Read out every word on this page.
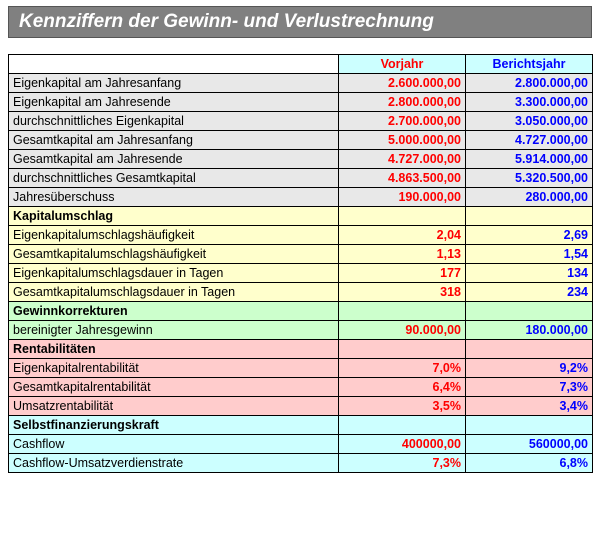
Kennziffern der Gewinn- und Verlustrechnung
	Vorjahr	Berichtsjahr
Eigenkapital am Jahresanfang	2.600.000,00	2.800.000,00
Eigenkapital am Jahresende	2.800.000,00	3.300.000,00
durchschnittliches Eigenkapital	2.700.000,00	3.050.000,00
Gesamtkapital am Jahresanfang	5.000.000,00	4.727.000,00
Gesamtkapital am Jahresende	4.727.000,00	5.914.000,00
durchschnittliches Gesamtkapital	4.863.500,00	5.320.500,00
Jahresüberschuss	190.000,00	280.000,00
Kapitalumschlag		
Eigenkapitalumschlagshäufigkeit	2,04	2,69
Gesamtkapitalumschlagshäufigkeit	1,13	1,54
Eigenkapitalumschlagsdauer in Tagen	177	134
Gesamtkapitalumschlagsdauer in Tagen	318	234
Gewinnkorrekturen		
bereinigter Jahresgewinn	90.000,00	180.000,00
Rentabilitäten		
Eigenkapitalrentabilität	7,0%	9,2%
Gesamtkapitalrentabilität	6,4%	7,3%
Umsatzrentabilität	3,5%	3,4%
Selbstfinanzierungskraft		
Cashflow	400000,00	560000,00
Cashflow-Umsatzverdienstrate	7,3%	6,8%
